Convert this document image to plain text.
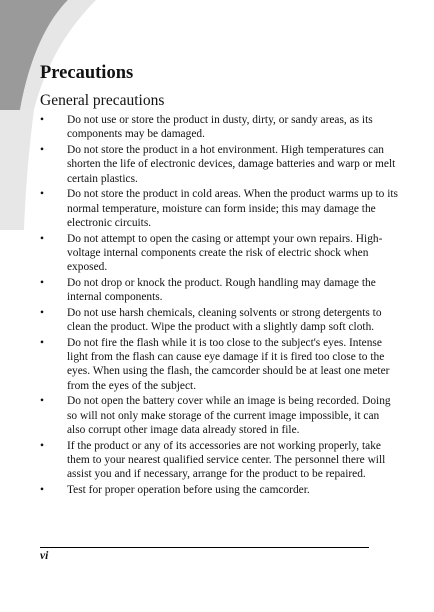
Precautions
General precautions
•	Do not use or store the product in dusty, dirty, or sandy areas, as its components may be damaged.
•	Do not store the product in a hot environment. High temperatures can shorten the life of electronic devices, damage batteries and warp or melt certain plastics.
•	Do not store the product in cold areas. When the product warms up to its normal temperature, moisture can form inside; this may damage the electronic circuits.
•	Do not attempt to open the casing or attempt your own repairs. High-voltage internal components create the risk of electric shock when exposed.
•	Do not drop or knock the product. Rough handling may damage the internal components.
•	Do not use harsh chemicals, cleaning solvents or strong detergents to clean the product. Wipe the product with a slightly damp soft cloth.
•	Do not fire the flash while it is too close to the subject's eyes. Intense light from the flash can cause eye damage if it is fired too close to the eyes. When using the flash, the camcorder should be at least one meter from the eyes of the subject.
•	Do not open the battery cover while an image is being recorded. Doing so will not only make storage of the current image impossible, it can also corrupt other image data already stored in file.
•	If the product or any of its accessories are not working properly, take them to your nearest qualified service center. The personnel there will assist you and if necessary, arrange for the product to be repaired.
•	Test for proper operation before using the camcorder.
vi
